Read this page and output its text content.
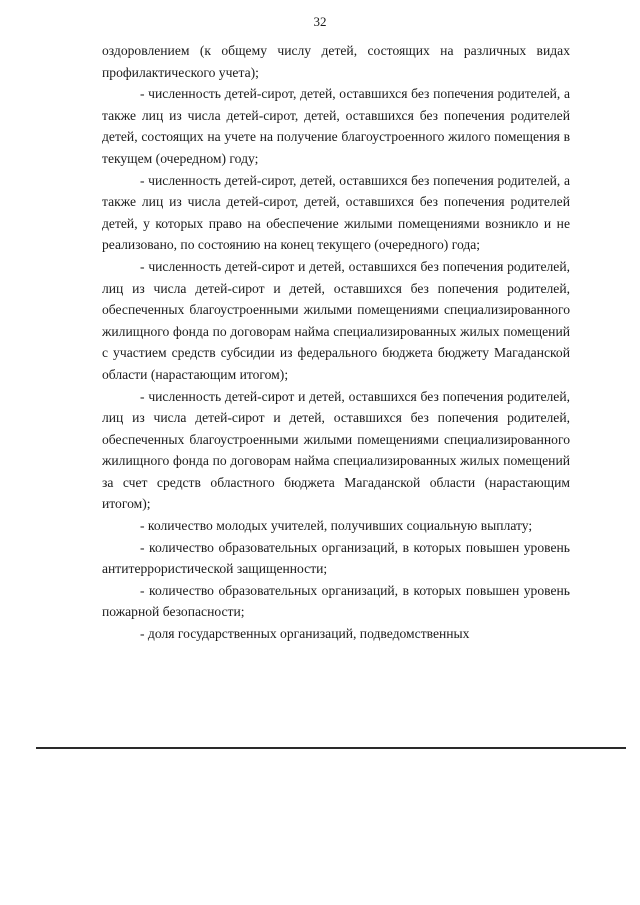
32

оздоровлением (к общему числу детей, состоящих на различных видах профилактического учета);

- численность детей-сирот, детей, оставшихся без попечения родителей, а также лиц из числа детей-сирот, детей, оставшихся без попечения родителей детей, состоящих на учете на получение благоустроенного жилого помещения в текущем (очередном) году;

- численность детей-сирот, детей, оставшихся без попечения родителей, а также лиц из числа детей-сирот, детей, оставшихся без попечения родителей детей, у которых право на обеспечение жилыми помещениями возникло и не реализовано, по состоянию на конец текущего (очередного) года;

- численность детей-сирот и детей, оставшихся без попечения родителей, лиц из числа детей-сирот и детей, оставшихся без попечения родителей, обеспеченных благоустроенными жилыми помещениями специализированного жилищного фонда по договорам найма специализированных жилых помещений с участием средств субсидии из федерального бюджета бюджету Магаданской области (нарастающим итогом);

- численность детей-сирот и детей, оставшихся без попечения родителей, лиц из числа детей-сирот и детей, оставшихся без попечения родителей, обеспеченных благоустроенными жилыми помещениями специализированного жилищного фонда по договорам найма специализированных жилых помещений за счет средств областного бюджета Магаданской области (нарастающим итогом);

- количество молодых учителей, получивших социальную выплату;

- количество образовательных организаций, в которых повышен уровень антитеррористической защищенности;

- количество образовательных организаций, в которых повышен уровень пожарной безопасности;

- доля государственных организаций, подведомственных
